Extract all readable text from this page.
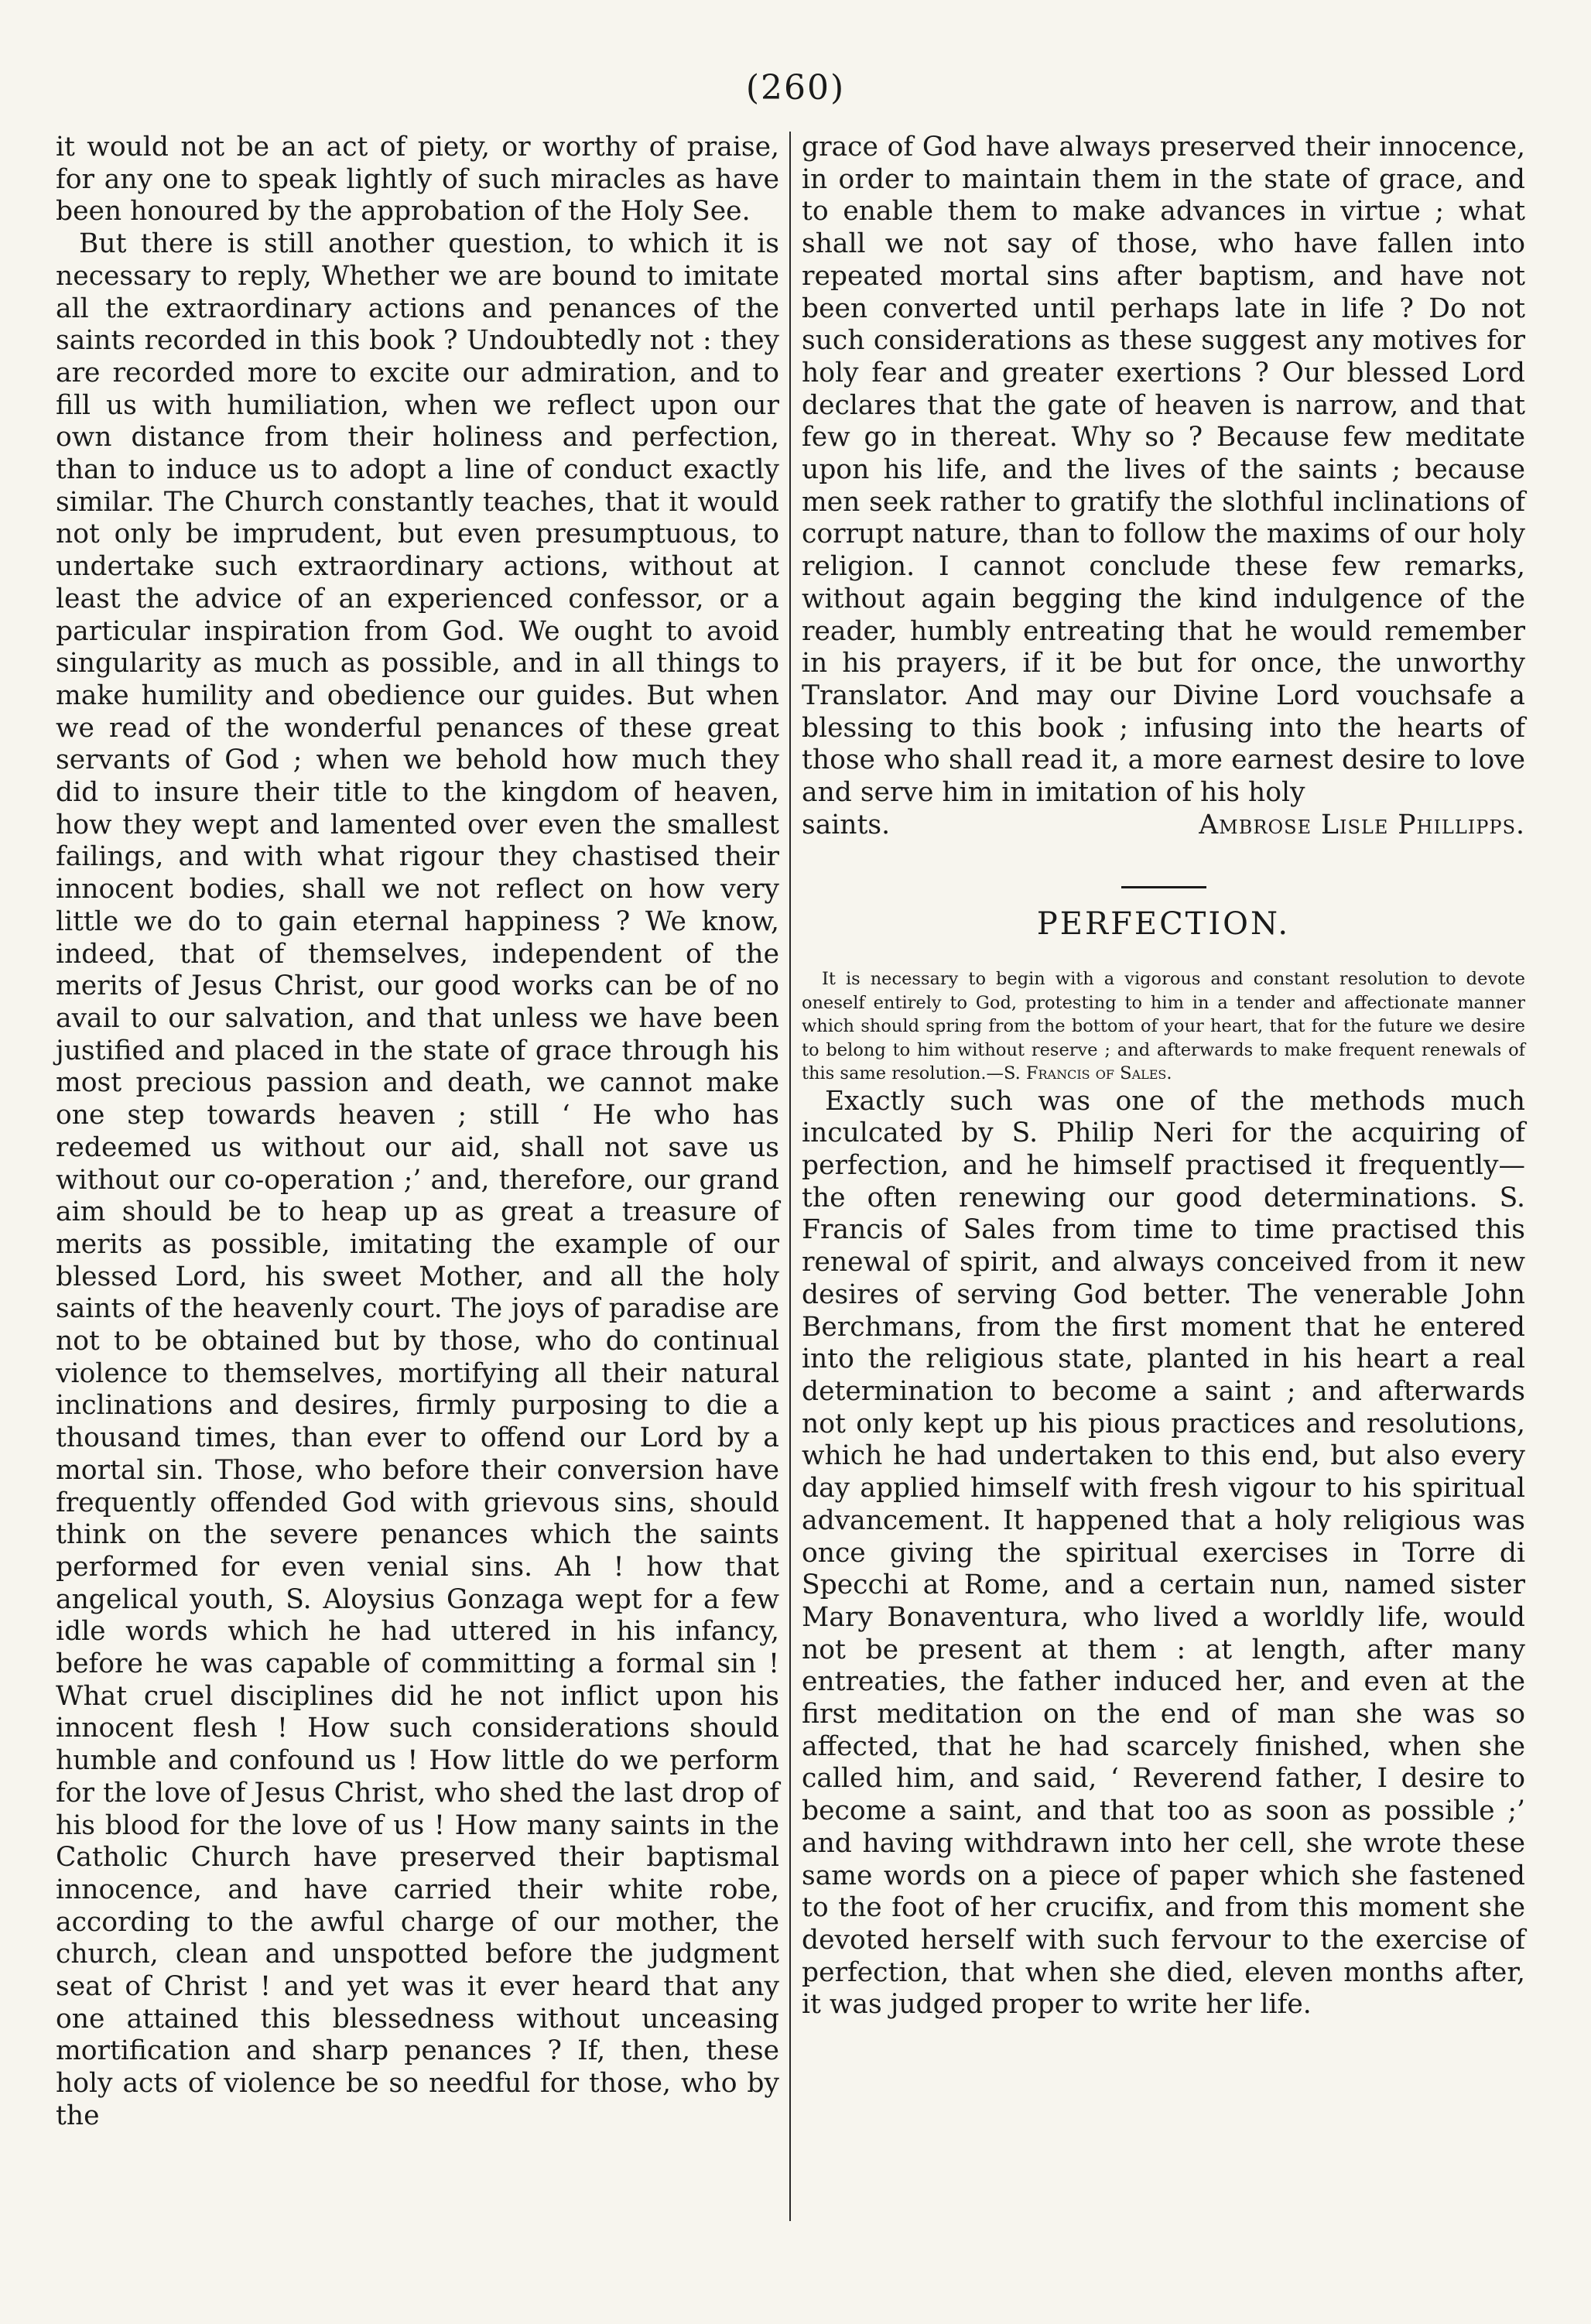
(260)

it would not be an act of piety, or worthy of praise, for any one to speak lightly of such miracles as have been honoured by the approbation of the Holy See.

But there is still another question, to which it is necessary to reply, Whether we are bound to imitate all the extraordinary actions and penances of the saints recorded in this book ? Undoubtedly not : they are recorded more to excite our admiration, and to fill us with humiliation, when we reflect upon our own distance from their holiness and perfection, than to induce us to adopt a line of conduct exactly similar. The Church constantly teaches, that it would not only be imprudent, but even presumptuous, to undertake such extraordinary actions, without at least the advice of an experienced confessor, or a particular inspiration from God. We ought to avoid singularity as much as possible, and in all things to make humility and obedience our guides. But when we read of the wonderful penances of these great servants of God ; when we behold how much they did to insure their title to the kingdom of heaven, how they wept and lamented over even the smallest failings, and with what rigour they chastised their innocent bodies, shall we not reflect on how very little we do to gain eternal happiness ? We know, indeed, that of themselves, independent of the merits of Jesus Christ, our good works can be of no avail to our salvation, and that unless we have been justified and placed in the state of grace through his most precious passion and death, we cannot make one step towards heaven ; still ‘ He who has redeemed us without our aid, shall not save us without our co-operation ;’ and, therefore, our grand aim should be to heap up as great a treasure of merits as possible, imitating the example of our blessed Lord, his sweet Mother, and all the holy saints of the heavenly court. The joys of paradise are not to be obtained but by those, who do continual violence to themselves, mortifying all their natural inclinations and desires, firmly purposing to die a thousand times, than ever to offend our Lord by a mortal sin. Those, who before their conversion have frequently offended God with grievous sins, should think on the severe penances which the saints performed for even venial sins. Ah ! how that angelical youth, S. Aloysius Gonzaga wept for a few idle words which he had uttered in his infancy, before he was capable of committing a formal sin ! What cruel disciplines did he not inflict upon his innocent flesh ! How such considerations should humble and confound us ! How little do we perform for the love of Jesus Christ, who shed the last drop of his blood for the love of us ! How many saints in the Catholic Church have preserved their baptismal innocence, and have carried their white robe, according to the awful charge of our mother, the church, clean and unspotted before the judgment seat of Christ ! and yet was it ever heard that any one attained this blessedness without unceasing mortification and sharp penances ? If, then, these holy acts of violence be so needful for those, who by the

grace of God have always preserved their innocence, in order to maintain them in the state of grace, and to enable them to make advances in virtue ; what shall we not say of those, who have fallen into repeated mortal sins after baptism, and have not been converted until perhaps late in life ? Do not such considerations as these suggest any motives for holy fear and greater exertions ? Our blessed Lord declares that the gate of heaven is narrow, and that few go in thereat. Why so ? Because few meditate upon his life, and the lives of the saints ; because men seek rather to gratify the slothful inclinations of corrupt nature, than to follow the maxims of our holy religion. I cannot conclude these few remarks, without again begging the kind indulgence of the reader, humbly entreating that he would remember in his prayers, if it be but for once, the unworthy Translator. And may our Divine Lord vouchsafe a blessing to this book ; infusing into the hearts of those who shall read it, a more earnest desire to love and serve him in imitation of his holy

saints.	Ambrose Lisle Phillipps.
PERFECTION.

It is necessary to begin with a vigorous and constant resolution to devote oneself entirely to God, protesting to him in a tender and affectionate manner which should spring from the bottom of your heart, that for the future we desire to belong to him without reserve ; and afterwards to make frequent renewals of this same resolution.—S. Francis of Sales.

Exactly such was one of the methods much inculcated by S. Philip Neri for the acquiring of perfection, and he himself practised it frequently—the often renewing our good determinations. S. Francis of Sales from time to time practised this renewal of spirit, and always conceived from it new desires of serving God better. The venerable John Berchmans, from the first moment that he entered into the religious state, planted in his heart a real determination to become a saint ; and afterwards not only kept up his pious practices and resolutions, which he had undertaken to this end, but also every day applied himself with fresh vigour to his spiritual advancement. It happened that a holy religious was once giving the spiritual exercises in Torre di Specchi at Rome, and a certain nun, named sister Mary Bonaventura, who lived a worldly life, would not be present at them : at length, after many entreaties, the father induced her, and even at the first meditation on the end of man she was so affected, that he had scarcely finished, when she called him, and said, ‘ Reverend father, I desire to become a saint, and that too as soon as possible ;’ and having withdrawn into her cell, she wrote these same words on a piece of paper which she fastened to the foot of her crucifix, and from this moment she devoted herself with such fervour to the exercise of perfection, that when she died, eleven months after, it was judged proper to write her life.
